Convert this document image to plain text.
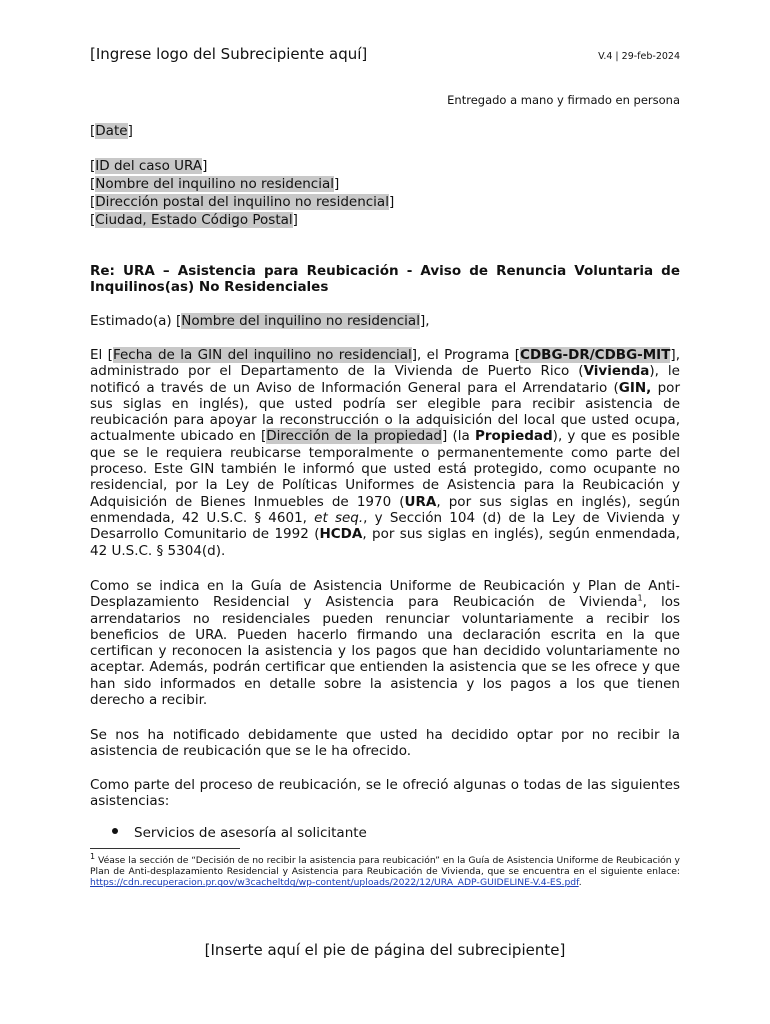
[Ingrese logo del Subrecipiente aquí]	V.4 | 29-feb-2024
Entregado a mano y firmado en persona
[Date]
[ID del caso URA]
[Nombre del inquilino no residencial]
[Dirección postal del inquilino no residencial]
[Ciudad, Estado Código Postal]
Re: URA – Asistencia para Reubicación - Aviso de Renuncia Voluntaria de Inquilinos(as) No Residenciales
Estimado(a) [Nombre del inquilino no residencial],
El [Fecha de la GIN del inquilino no residencial], el Programa [CDBG-DR/CDBG-MIT], administrado por el Departamento de la Vivienda de Puerto Rico (Vivienda), le notificó a través de un Aviso de Información General para el Arrendatario (GIN, por sus siglas en inglés), que usted podría ser elegible para recibir asistencia de reubicación para apoyar la reconstrucción o la adquisición del local que usted ocupa, actualmente ubicado en [Dirección de la propiedad] (la Propiedad), y que es posible que se le requiera reubicarse temporalmente o permanentemente como parte del proceso. Este GIN también le informó que usted está protegido, como ocupante no residencial, por la Ley de Políticas Uniformes de Asistencia para la Reubicación y Adquisición de Bienes Inmuebles de 1970 (URA, por sus siglas en inglés), según enmendada, 42 U.S.C. § 4601, et seq., y Sección 104 (d) de la Ley de Vivienda y Desarrollo Comunitario de 1992 (HCDA, por sus siglas en inglés), según enmendada, 42 U.S.C. § 5304(d).
Como se indica en la Guía de Asistencia Uniforme de Reubicación y Plan de Anti-Desplazamiento Residencial y Asistencia para Reubicación de Vivienda$^1$, los arrendatarios no residenciales pueden renunciar voluntariamente a recibir los beneficios de URA. Pueden hacerlo firmando una declaración escrita en la que certifican y reconocen la asistencia y los pagos que han decidido voluntariamente no aceptar. Además, podrán certificar que entienden la asistencia que se les ofrece y que han sido informados en detalle sobre la asistencia y los pagos a los que tienen derecho a recibir.
Se nos ha notificado debidamente que usted ha decidido optar por no recibir la asistencia de reubicación que se le ha ofrecido.
Como parte del proceso de reubicación, se le ofreció algunas o todas de las siguientes asistencias:
Servicios de asesoría al solicitante
$^1$ Véase la sección de “Decisión de no recibir la asistencia para reubicación” en la Guía de Asistencia Uniforme de Reubicación y Plan de Anti-desplazamiento Residencial y Asistencia para Reubicación de Vivienda, que se encuentra en el siguiente enlace: https://cdn.recuperacion.pr.gov/w3cacheltdg/wp-content/uploads/2022/12/URA_ADP-GUIDELINE-V.4-ES.pdf.
[Inserte aquí el pie de página del subrecipiente]
